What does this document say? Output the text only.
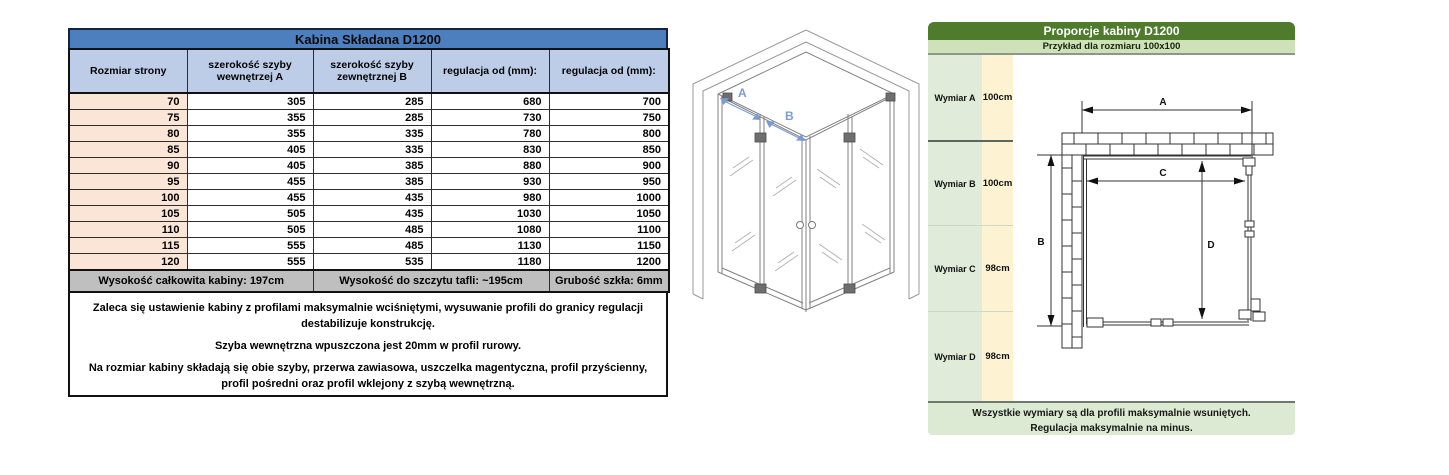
Kabina Składana D1200
Rozmiar strony	szerokość szyby wewnętrzej A	szerokość szyby zewnętrznej B	regulacja od (mm):	regulacja od (mm):
70	305	285	680	700
75	355	285	730	750
80	355	335	780	800
85	405	335	830	850
90	405	385	880	900
95	455	385	930	950
100	455	435	980	1000
105	505	435	1030	1050
110	505	485	1080	1100
115	555	485	1130	1150
120	555	535	1180	1200
Wysokość całkowita kabiny: 197cm		Wysokość do szczytu tafli: ~195cm		Grubość szkła: 6mm

Zaleca się ustawienie kabiny z profilami maksymalnie wciśniętymi, wysuwanie profili do granicy regulacji destabilizuje konstrukcję.

Szyba wewnętrzna wpuszczona jest 20mm w profil rurowy.

Na rozmiar kabiny składają się obie szyby, przerwa zawiasowa, uszczelka magentyczna, profil przyścienny, profil pośredni oraz profil wklejony z szybą wewnętrzną.

A
B
Proporcje kabiny D1200
Przykład dla rozmiaru 100x100
Wymiar A 100cm
Wymiar B 100cm
Wymiar C	98cm
Wymiar D	98cm
A
B
C
D

Wszystkie wymiary są dla profili maksymalnie wsuniętych.

Regulacja maksymalnie na minus.
